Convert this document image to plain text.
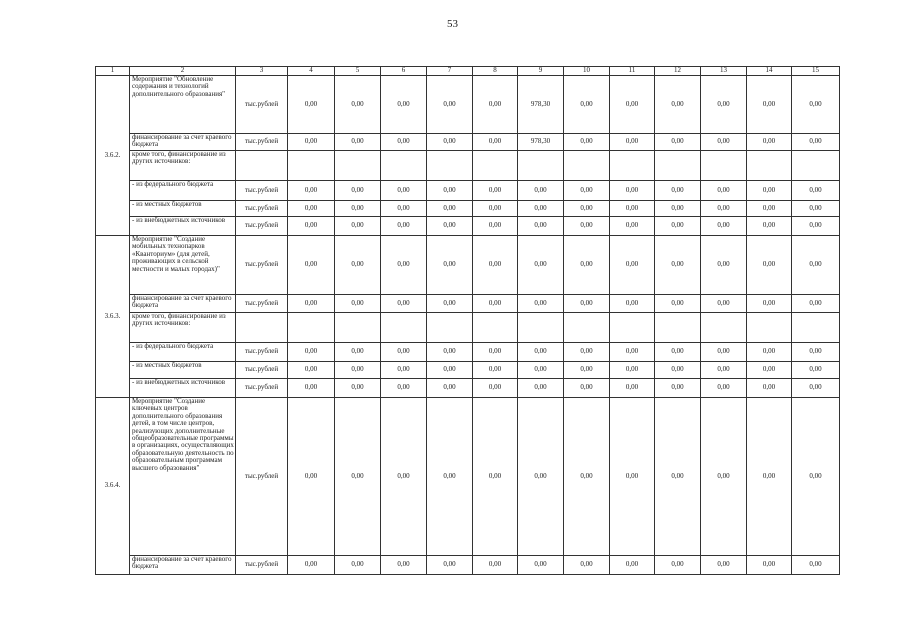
53
1	2	3	4	5	6	7	8	9	10	11	12	13	14	15
3.6.2.	Мероприятие "Обновление содержания и технологий дополнительного образования"	тыс.рублей	0,00	0,00	0,00	0,00	0,00	978,30	0,00	0,00	0,00	0,00	0,00	0,00
	финансирование за счет краевого бюджета	тыс.рублей	0,00	0,00	0,00	0,00	0,00	978,30	0,00	0,00	0,00	0,00	0,00	0,00
	кроме того, финансирование из других источников:													
	- из федерального бюджета	тыс.рублей	0,00	0,00	0,00	0,00	0,00	0,00	0,00	0,00	0,00	0,00	0,00	0,00
	- из местных бюджетов	тыс.рублей	0,00	0,00	0,00	0,00	0,00	0,00	0,00	0,00	0,00	0,00	0,00	0,00
	- из внебюджетных источников	тыс.рублей	0,00	0,00	0,00	0,00	0,00	0,00	0,00	0,00	0,00	0,00	0,00	0,00
3.6.3.	Мероприятие "Создание мобильных технопарков «Кванториум» (для детей, проживающих в сельской местности и малых городах)"	тыс.рублей	0,00	0,00	0,00	0,00	0,00	0,00	0,00	0,00	0,00	0,00	0,00	0,00
	финансирование за счет краевого бюджета	тыс.рублей	0,00	0,00	0,00	0,00	0,00	0,00	0,00	0,00	0,00	0,00	0,00	0,00
	кроме того, финансирование из других источников:													
	- из федерального бюджета	тыс.рублей	0,00	0,00	0,00	0,00	0,00	0,00	0,00	0,00	0,00	0,00	0,00	0,00
	- из местных бюджетов	тыс.рублей	0,00	0,00	0,00	0,00	0,00	0,00	0,00	0,00	0,00	0,00	0,00	0,00
	- из внебюджетных источников	тыс.рублей	0,00	0,00	0,00	0,00	0,00	0,00	0,00	0,00	0,00	0,00	0,00	0,00
3.6.4.	Мероприятие "Создание ключевых центров дополнительного образования детей, в том числе центров, реализующих дополнительные общеобразовательные программы в организациях, осуществляющих образовательную деятельность по образовательным программам высшего образования"	тыс.рублей	0,00	0,00	0,00	0,00	0,00	0,00	0,00	0,00	0,00	0,00	0,00	0,00
	финансирование за счет краевого бюджета	тыс.рублей	0,00	0,00	0,00	0,00	0,00	0,00	0,00	0,00	0,00	0,00	0,00	0,00
